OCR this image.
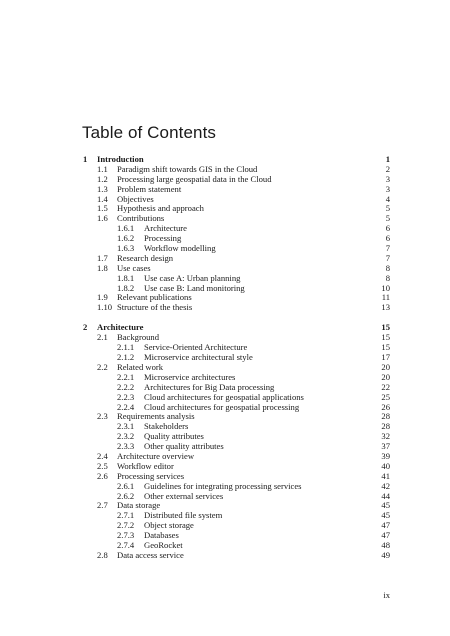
Table of Contents
1 Introduction	1
1.1 Paradigm shift towards GIS in the Cloud	2
1.2 Processing large geospatial data in the Cloud	3
1.3 Problem statement	3
1.4 Objectives	4
1.5 Hypothesis and approach	5
1.6 Contributions	5
1.6.1 Architecture	6
1.6.2 Processing	6
1.6.3 Workflow modelling	7
1.7 Research design	7
1.8 Use cases	8
1.8.1 Use case A: Urban planning	8
1.8.2 Use case B: Land monitoring	10
1.9 Relevant publications	11
1.10 Structure of the thesis	13
2 Architecture	15
2.1 Background	15
2.1.1 Service-Oriented Architecture	15
2.1.2 Microservice architectural style	17
2.2 Related work	20
2.2.1 Microservice architectures	20
2.2.2 Architectures for Big Data processing	22
2.2.3 Cloud architectures for geospatial applications	25
2.2.4 Cloud architectures for geospatial processing	26
2.3 Requirements analysis	28
2.3.1 Stakeholders	28
2.3.2 Quality attributes	32
2.3.3 Other quality attributes	37
2.4 Architecture overview	39
2.5 Workflow editor	40
2.6 Processing services	41
2.6.1 Guidelines for integrating processing services	42
2.6.2 Other external services	44
2.7 Data storage	45
2.7.1 Distributed file system	45
2.7.2 Object storage	47
2.7.3 Databases	47
2.7.4 GeoRocket	48
2.8 Data access service	49
ix
